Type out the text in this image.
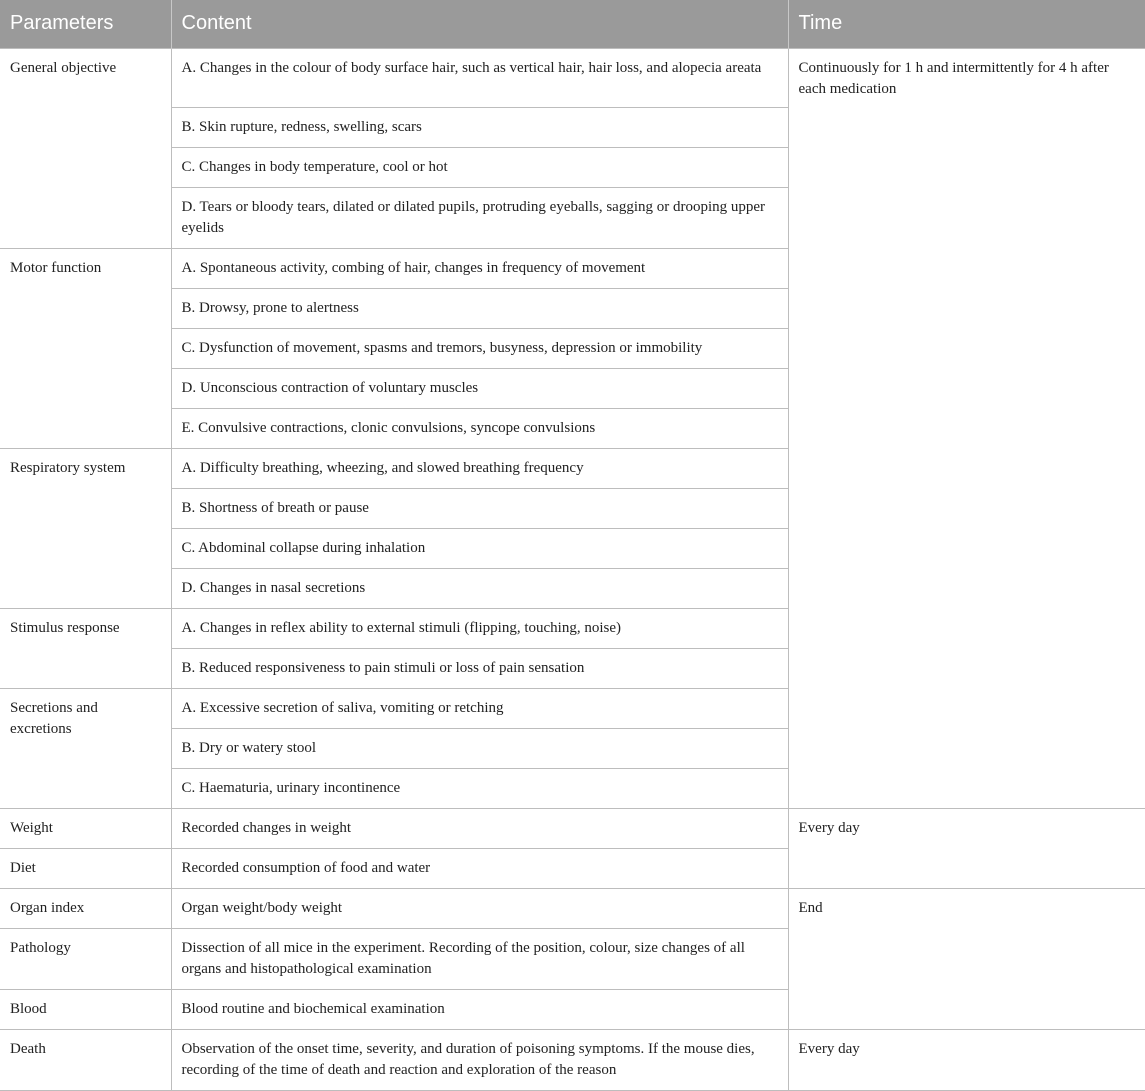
Parameters	Content	Time
General objective	A. Changes in the colour of body surface hair, such as vertical hair, hair loss, and alopecia areata	Continuously for 1 h and intermittently for 4 h after each medication
	B. Skin rupture, redness, swelling, scars	
	C. Changes in body temperature, cool or hot	
	D. Tears or bloody tears, dilated or dilated pupils, protruding eyeballs, sagging or drooping upper eyelids	
Motor function	A. Spontaneous activity, combing of hair, changes in frequency of movement	
	B. Drowsy, prone to alertness	
	C. Dysfunction of movement, spasms and tremors, busyness, depression or immobility	
	D. Unconscious contraction of voluntary muscles	
	E. Convulsive contractions, clonic convulsions, syncope convulsions	
Respiratory system	A. Difficulty breathing, wheezing, and slowed breathing frequency	
	B. Shortness of breath or pause	
	C. Abdominal collapse during inhalation	
	D. Changes in nasal secretions	
Stimulus response	A. Changes in reflex ability to external stimuli (flipping, touching, noise)	
	B. Reduced responsiveness to pain stimuli or loss of pain sensation	
Secretions and excretions	A. Excessive secretion of saliva, vomiting or retching	
	B. Dry or watery stool	
	C. Haematuria, urinary incontinence	
Weight	Recorded changes in weight	Every day
Diet	Recorded consumption of food and water	
Organ index	Organ weight/body weight	End
Pathology	Dissection of all mice in the experiment. Recording of the position, colour, size changes of all organs and histopathological examination	
Blood	Blood routine and biochemical examination	
Death	Observation of the onset time, severity, and duration of poisoning symptoms. If the mouse dies, recording of the time of death and reaction and exploration of the reason	Every day
